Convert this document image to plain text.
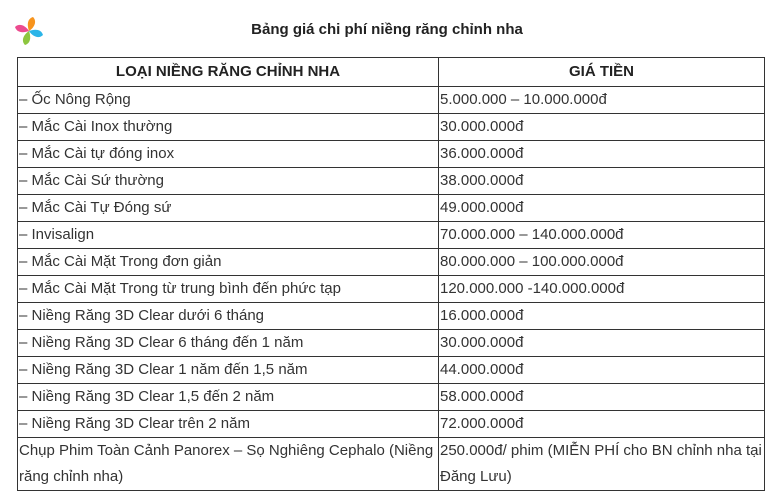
Bảng giá chi phí niềng răng chỉnh nha
LOẠI NIỀNG RĂNG CHỈNH NHA	GIÁ TIỀN
– Ốc Nông Rộng	5.000.000 – 10.000.000đ
– Mắc Cài Inox thường	30.000.000đ
– Mắc Cài tự đóng inox	36.000.000đ
– Mắc Cài Sứ thường	38.000.000đ
– Mắc Cài Tự Đóng sứ	49.000.000đ
– Invisalign	70.000.000 – 140.000.000đ
– Mắc Cài Mặt Trong đơn giản	80.000.000 – 100.000.000đ
– Mắc Cài Mặt Trong từ trung bình đến phức tạp	120.000.000 -140.000.000đ
– Niềng Răng 3D Clear dưới 6 tháng	16.000.000đ
– Niềng Răng 3D Clear 6 tháng đến 1 năm	30.000.000đ
– Niềng Răng 3D Clear 1 năm đến 1,5 năm	44.000.000đ
– Niềng Răng 3D Clear 1,5 đến 2 năm	58.000.000đ
– Niềng Răng 3D Clear trên 2 năm	72.000.000đ
Chụp Phim Toàn Cảnh Panorex – Sọ Nghiêng Cephalo (Niềng răng chỉnh nha)	250.000đ/ phim (MIỄN PHÍ cho BN chỉnh nha tại Đăng Lưu)
